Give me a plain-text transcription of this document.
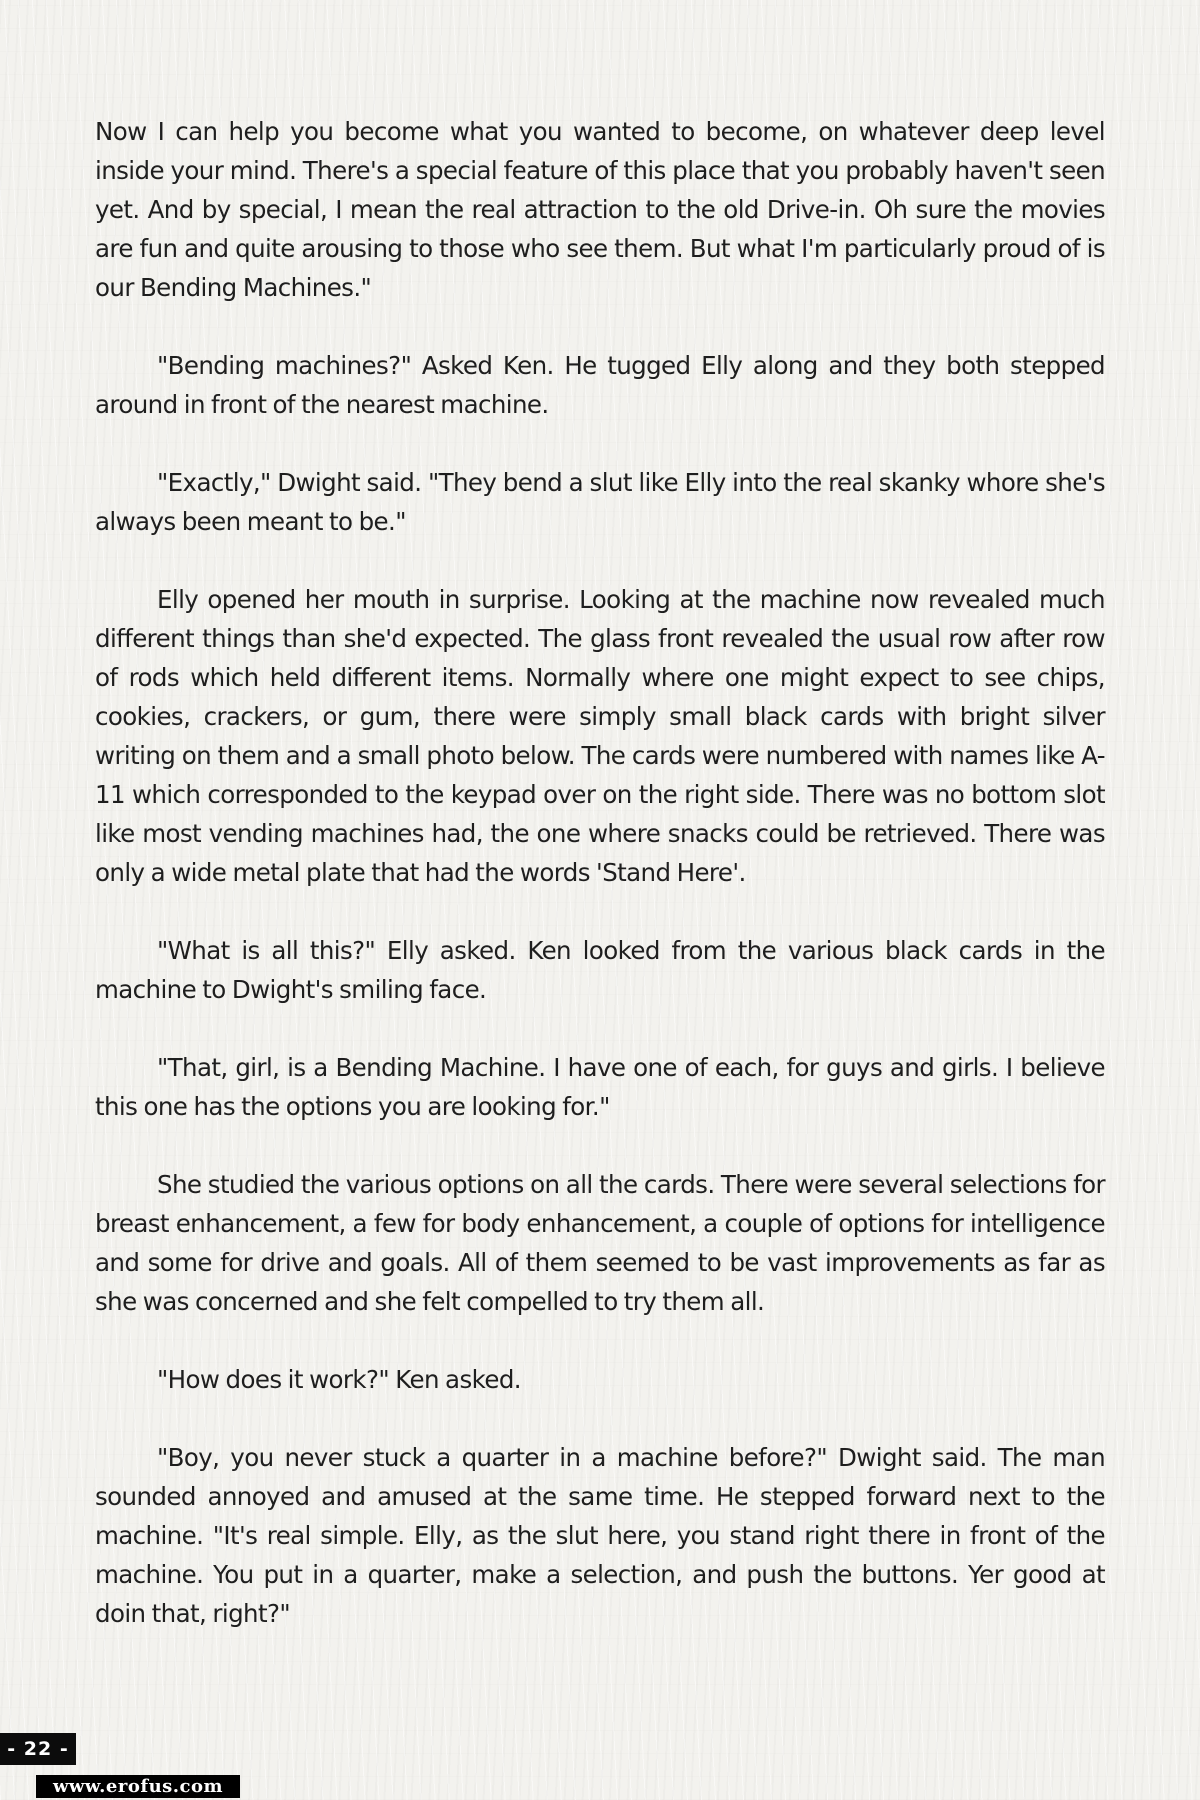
Now I can help you become what you wanted to become, on whatever deep level inside your mind. There's a special feature of this place that you probably haven't seen yet. And by special, I mean the real attraction to the old Drive-in. Oh sure the movies are fun and quite arousing to those who see them. But what I'm particularly proud of is our Bending Machines."

"Bending machines?" Asked Ken. He tugged Elly along and they both stepped around in front of the nearest machine.

"Exactly," Dwight said. "They bend a slut like Elly into the real skanky whore she's always been meant to be."

Elly opened her mouth in surprise. Looking at the machine now revealed much different things than she'd expected. The glass front revealed the usual row after row of rods which held different items. Normally where one might expect to see chips, cookies, crackers, or gum, there were simply small black cards with bright silver writing on them and a small photo below. The cards were numbered with names like A-11 which corresponded to the keypad over on the right side. There was no bottom slot like most vending machines had, the one where snacks could be retrieved. There was only a wide metal plate that had the words 'Stand Here'.

"What is all this?" Elly asked. Ken looked from the various black cards in the machine to Dwight's smiling face.

"That, girl, is a Bending Machine. I have one of each, for guys and girls. I believe this one has the options you are looking for."

She studied the various options on all the cards. There were several selections for breast enhancement, a few for body enhancement, a couple of options for intelligence and some for drive and goals. All of them seemed to be vast improvements as far as she was concerned and she felt compelled to try them all.

"How does it work?" Ken asked.

"Boy, you never stuck a quarter in a machine before?" Dwight said. The man sounded annoyed and amused at the same time. He stepped forward next to the machine. "It's real simple. Elly, as the slut here, you stand right there in front of the machine. You put in a quarter, make a selection, and push the buttons. Yer good at doin that, right?"

- 22 -
www.erofus.com
